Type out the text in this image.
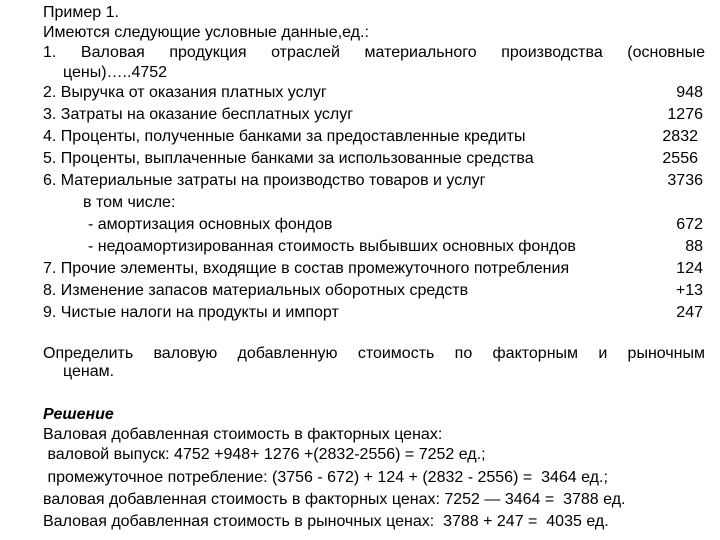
Пример 1.
Имеются следующие условные данные,ед.:
1. Валовая продукция отраслей материального производства (основные
цены)…..4752
2. Выручка от оказания платных услуг	948
3. Затраты на оказание бесплатных услуг	1276
4. Проценты, полученные банками за предоставленные кредиты	2832
5. Проценты, выплаченные банками за использованные средства	2556
6. Материальные затраты на производство товаров и услуг	3736
в том числе:
- амортизация основных фондов	672
- недоамортизированная стоимость выбывших основных фондов	88
7. Прочие элементы, входящие в состав промежуточного потребления	124
8. Изменение запасов материальных оборотных средств	+13
9. Чистые налоги на продукты и импорт	247
Определить валовую добавленную стоимость по факторным и рыночным
ценам.
Решение
Валовая добавленная стоимость в факторных ценах:
валовой выпуск: 4752 +948+ 1276 +(2832-2556) = 7252 ед.;
промежуточное потребление: (3756 - 672) + 124 + (2832 - 2556) =  3464 ед.;
валовая добавленная стоимость в факторных ценах: 7252 — 3464 =  3788 ед.
Валовая добавленная стоимость в рыночных ценах:  3788 + 247 =  4035 ед.
